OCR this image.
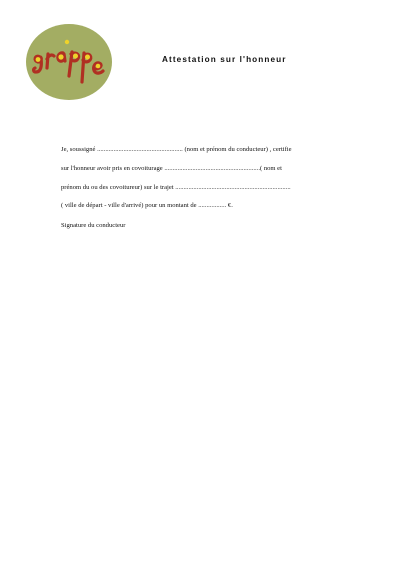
Attestation sur l'honneur
Je, soussigné .................................................... (nom et prénom du conducteur) , certifie
sur l'honneur avoir pris en covoiturage ..........................................................( nom et
prénom du ou des covoitureur) sur le trajet ......................................................................
( ville de départ - ville d'arrivé) pour un montant de ................. €.
Signature du conducteur
